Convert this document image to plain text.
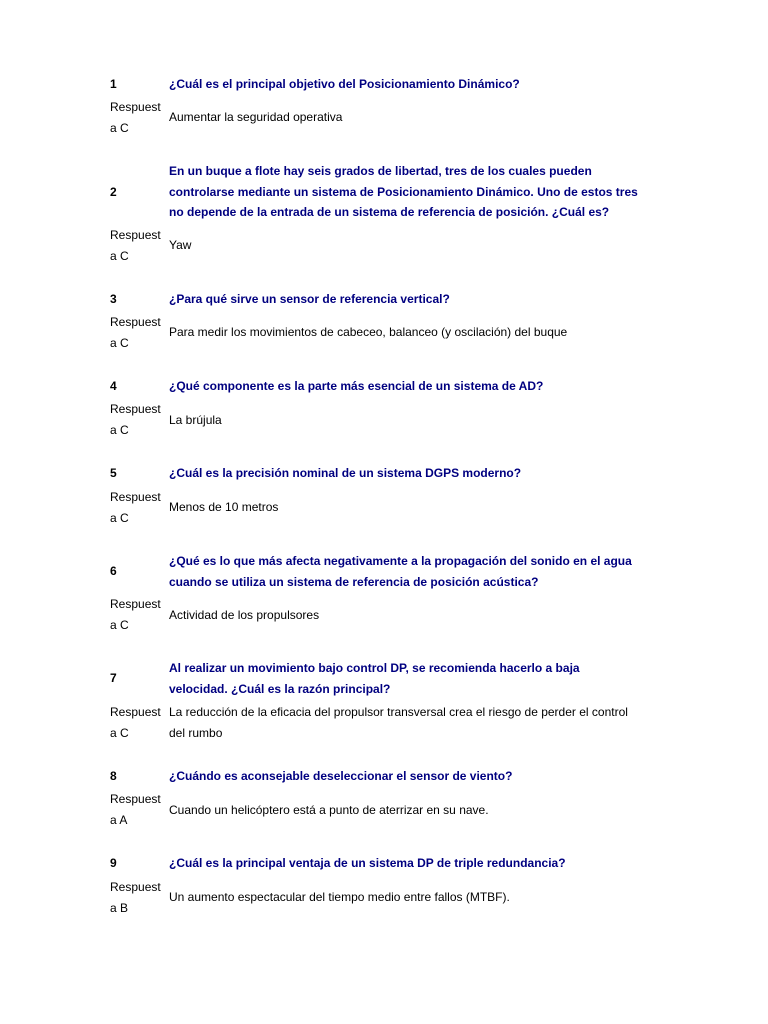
1	¿Cuál es el principal objetivo del Posicionamiento Dinámico?
Respuesta C
Aumentar la seguridad operativa
2
En un buque a flote hay seis grados de libertad, tres de los cuales pueden controlarse mediante un sistema de Posicionamiento Dinámico. Uno de estos tres no depende de la entrada de un sistema de referencia de posición. ¿Cuál es?
Respuesta C
Yaw
3	¿Para qué sirve un sensor de referencia vertical?
Respuesta C
Para medir los movimientos de cabeceo, balanceo (y oscilación) del buque
4	¿Qué componente es la parte más esencial de un sistema de AD?
Respuesta C
La brújula
5	¿Cuál es la precisión nominal de un sistema DGPS moderno?
Respuesta C
Menos de 10 metros
6
¿Qué es lo que más afecta negativamente a la propagación del sonido en el agua cuando se utiliza un sistema de referencia de posición acústica?
Respuesta C
Actividad de los propulsores
7
Al realizar un movimiento bajo control DP, se recomienda hacerlo a baja velocidad. ¿Cuál es la razón principal?
Respuesta C
La reducción de la eficacia del propulsor transversal crea el riesgo de perder el control del rumbo
8	¿Cuándo es aconsejable deseleccionar el sensor de viento?
Respuesta A
Cuando un helicóptero está a punto de aterrizar en su nave.
9	¿Cuál es la principal ventaja de un sistema DP de triple redundancia?
Respuesta B
Un aumento espectacular del tiempo medio entre fallos (MTBF).
